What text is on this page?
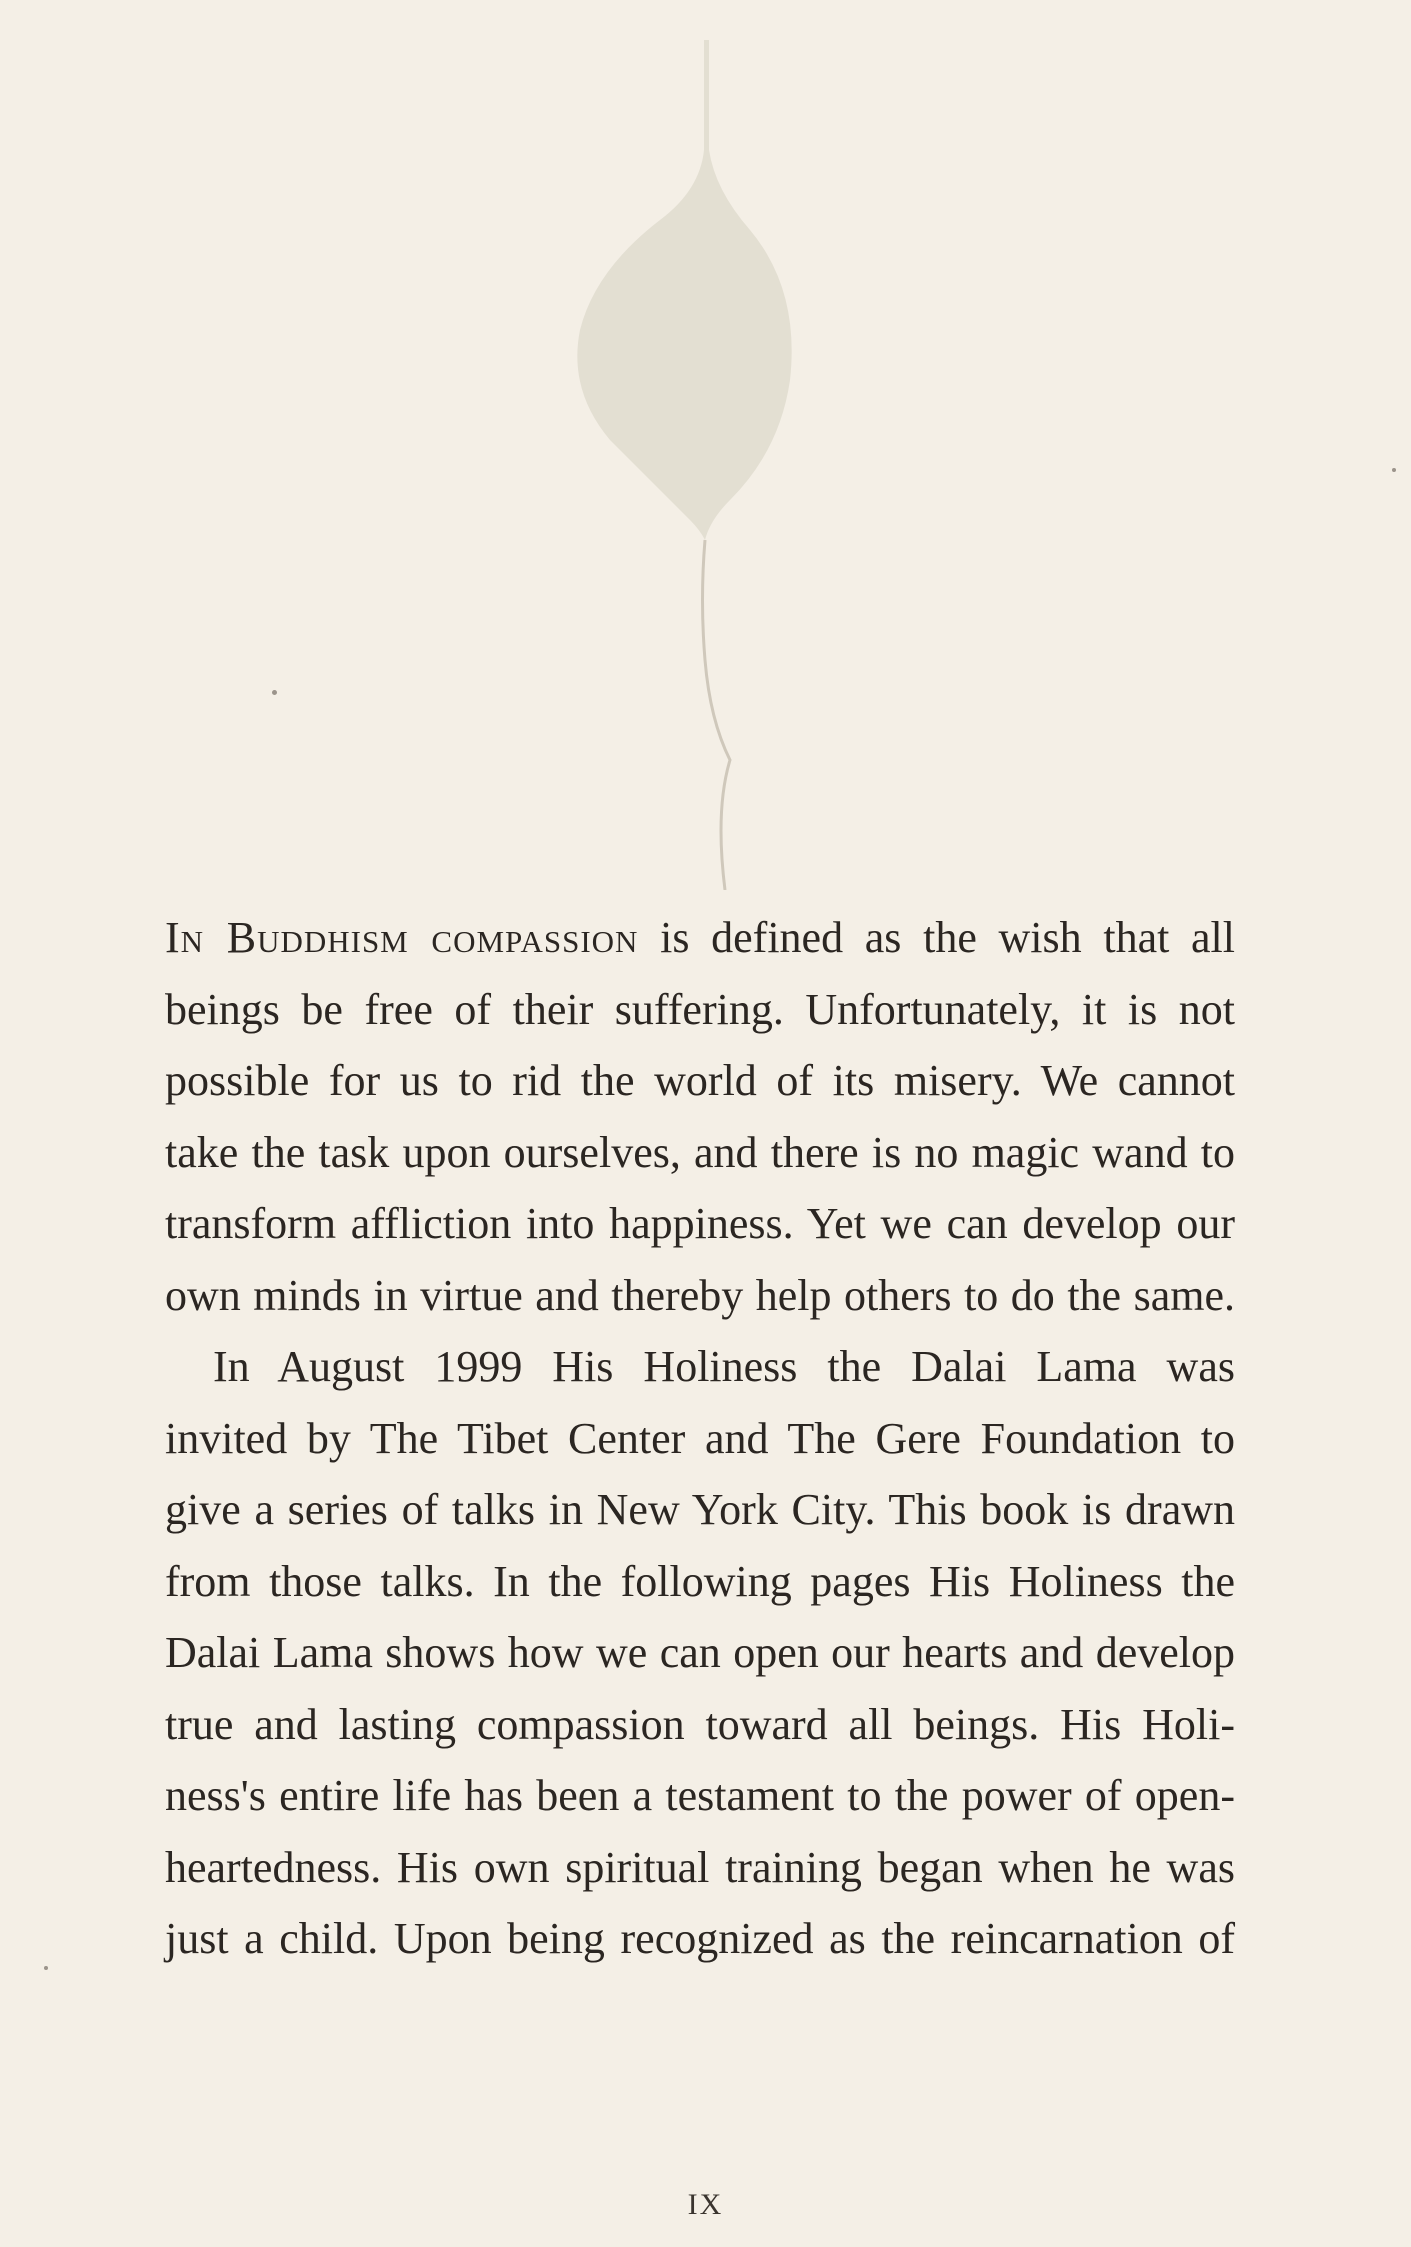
In Buddhism compassion is defined as the wish that all
beings be free of their suffering. Unfortunately, it is not
possible for us to rid the world of its misery. We cannot
take the task upon ourselves, and there is no magic wand to
transform affliction into happiness. Yet we can develop our
own minds in virtue and thereby help others to do the same.

In August 1999 His Holiness the Dalai Lama was
invited by The Tibet Center and The Gere Foundation to
give a series of talks in New York City. This book is drawn
from those talks. In the following pages His Holiness the
Dalai Lama shows how we can open our hearts and develop
true and lasting compassion toward all beings. His Holi-
ness's entire life has been a testament to the power of open-
heartedness. His own spiritual training began when he was
just a child. Upon being recognized as the reincarnation of

IX
